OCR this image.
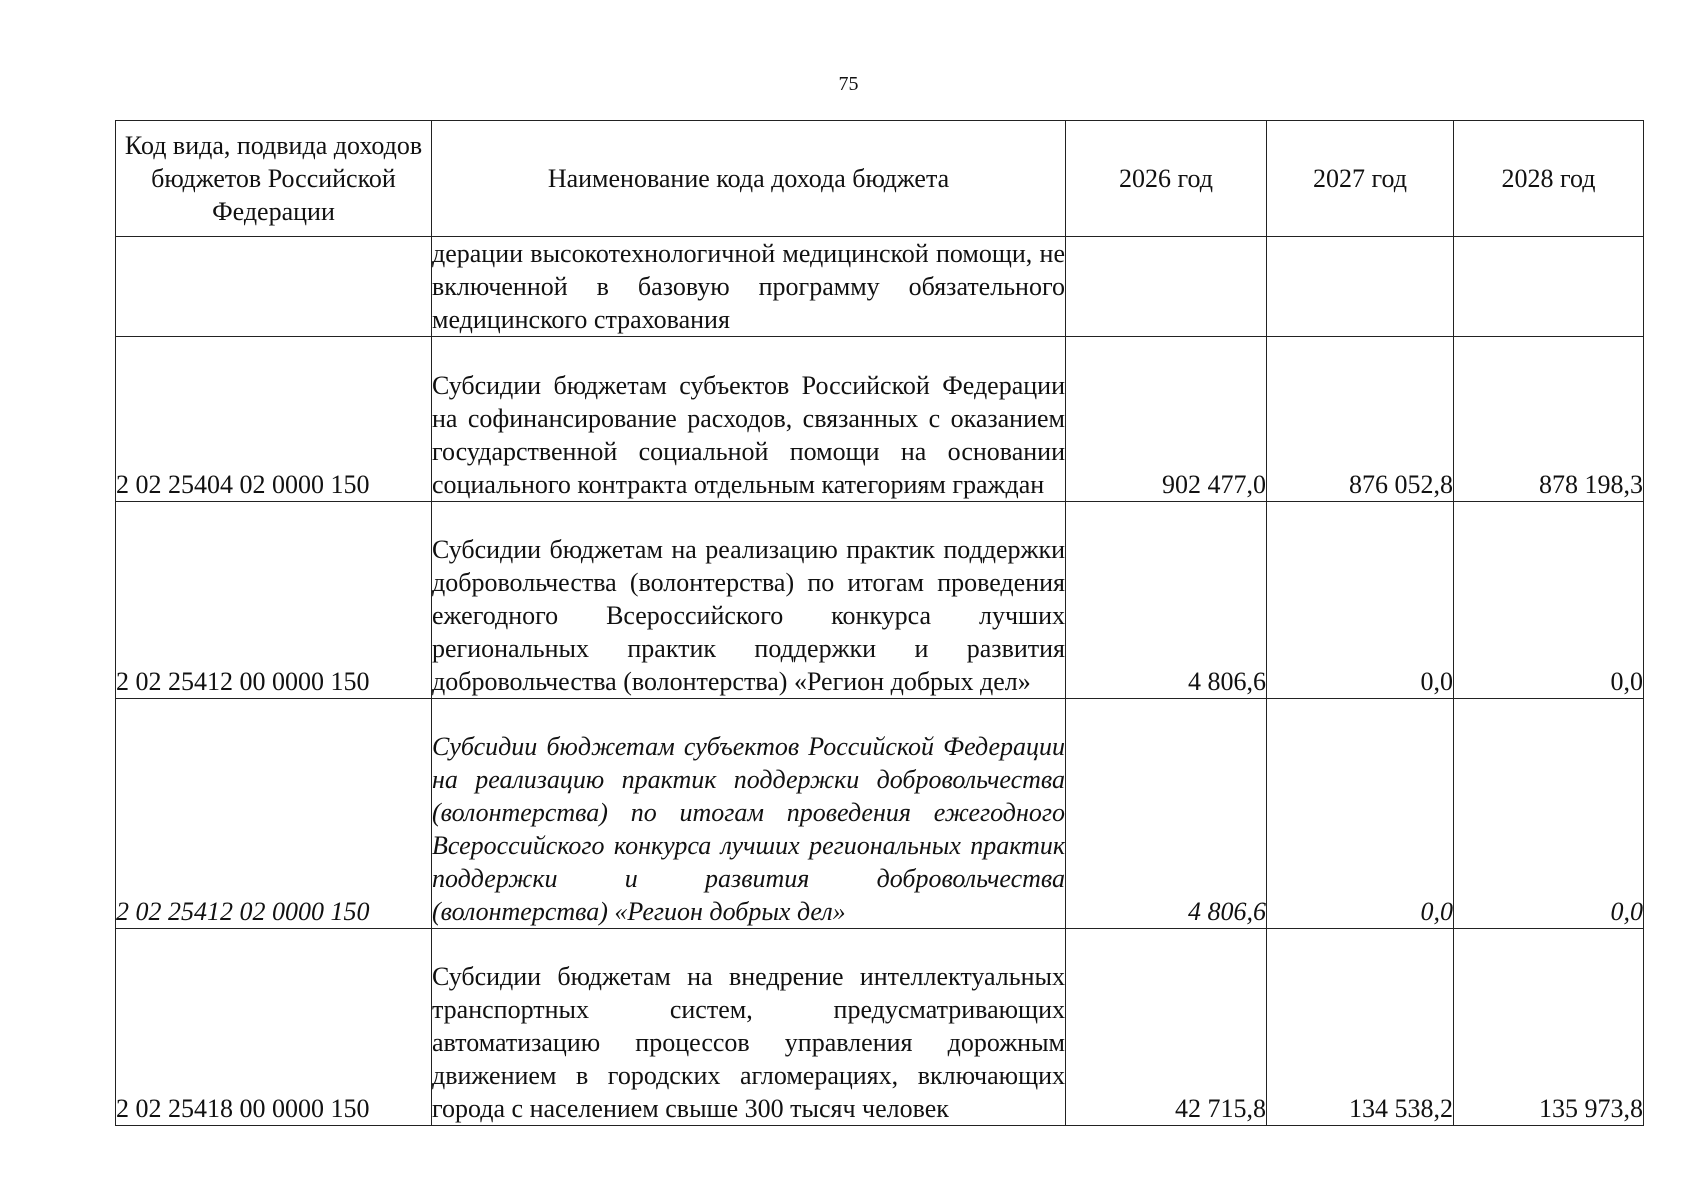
75
Код вида, подвида доходов бюджетов Российской Федерации	Наименование кода дохода бюджета	2026 год	2027 год	2028 год
	дерации высокотехнологичной медицинской помощи, не включенной в базовую программу обязательного медицинского страхования			
2 02 25404 02 0000 150	Субсидии бюджетам субъектов Российской Федерации на софинансирование расходов, связанных с оказанием государственной социальной помощи на основании социального контракта отдельным категориям граждан	902 477,0	876 052,8	878 198,3
2 02 25412 00 0000 150	Субсидии бюджетам на реализацию практик поддержки добровольчества (волонтерства) по итогам проведения ежегодного Всероссийского конкурса лучших региональных практик поддержки и развития добровольчества (волонтерства) «Регион добрых дел»	4 806,6	0,0	0,0
2 02 25412 02 0000 150	Субсидии бюджетам субъектов Российской Федерации на реализацию практик поддержки добровольчества (волонтерства) по итогам проведения ежегодного Всероссийского конкурса лучших региональных практик поддержки и развития добровольчества (волонтерства) «Регион добрых дел»	4 806,6	0,0	0,0
2 02 25418 00 0000 150	Субсидии бюджетам на внедрение интеллектуальных транспортных систем, предусматривающих автоматизацию процессов управления дорожным движением в городских агломерациях, включающих города с населением свыше 300 тысяч человек	42 715,8	134 538,2	135 973,8
